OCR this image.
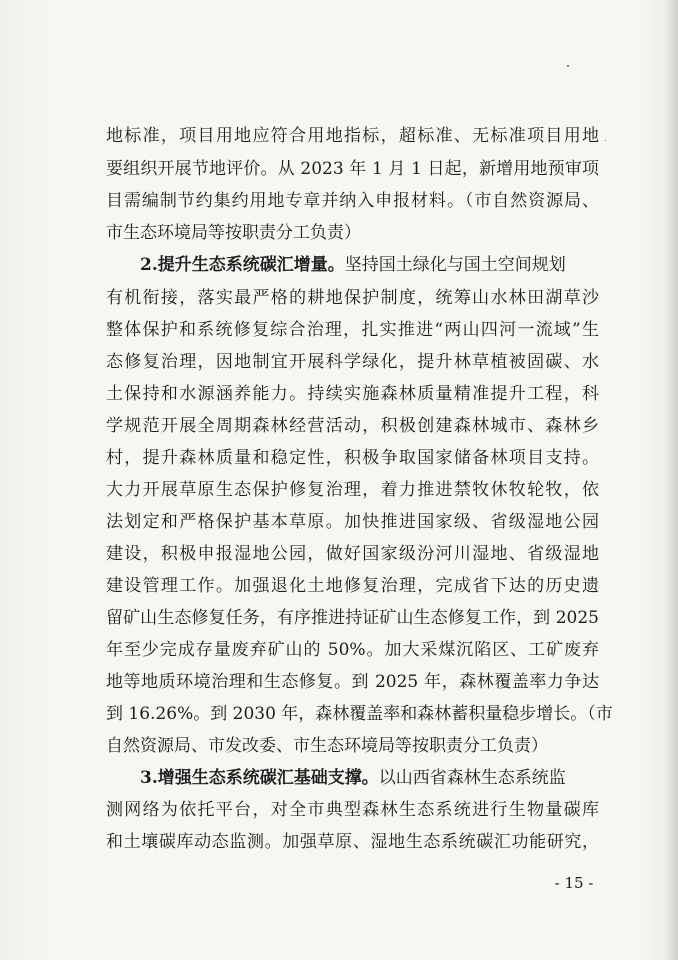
地标准，项目用地应符合用地指标，超标准、无标准项目用地

要组织开展节地评价。从 2023 年 1 月 1 日起，新增用地预审项

目需编制节约集约用地专章并纳入申报材料。（市自然资源局、

市生态环境局等按职责分工负责）

2.提升生态系统碳汇增量。坚持国土绿化与国土空间规划

有机衔接，落实最严格的耕地保护制度，统筹山水林田湖草沙

整体保护和系统修复综合治理，扎实推进“两山四河一流域”生

态修复治理，因地制宜开展科学绿化，提升林草植被固碳、水

土保持和水源涵养能力。持续实施森林质量精准提升工程，科

学规范开展全周期森林经营活动，积极创建森林城市、森林乡

村，提升森林质量和稳定性，积极争取国家储备林项目支持。

大力开展草原生态保护修复治理，着力推进禁牧休牧轮牧，依

法划定和严格保护基本草原。加快推进国家级、省级湿地公园

建设，积极申报湿地公园，做好国家级汾河川湿地、省级湿地

建设管理工作。加强退化土地修复治理，完成省下达的历史遗

留矿山生态修复任务，有序推进持证矿山生态修复工作，到 2025

年至少完成存量废弃矿山的 50%。加大采煤沉陷区、工矿废弃

地等地质环境治理和生态修复。到 2025 年，森林覆盖率力争达

到 16.26%。到 2030 年，森林覆盖率和森林蓄积量稳步增长。（市

自然资源局、市发改委、市生态环境局等按职责分工负责）

3.增强生态系统碳汇基础支撑。以山西省森林生态系统监

测网络为依托平台，对全市典型森林生态系统进行生物量碳库

和土壤碳库动态监测。加强草原、湿地生态系统碳汇功能研究，

- 15 -
